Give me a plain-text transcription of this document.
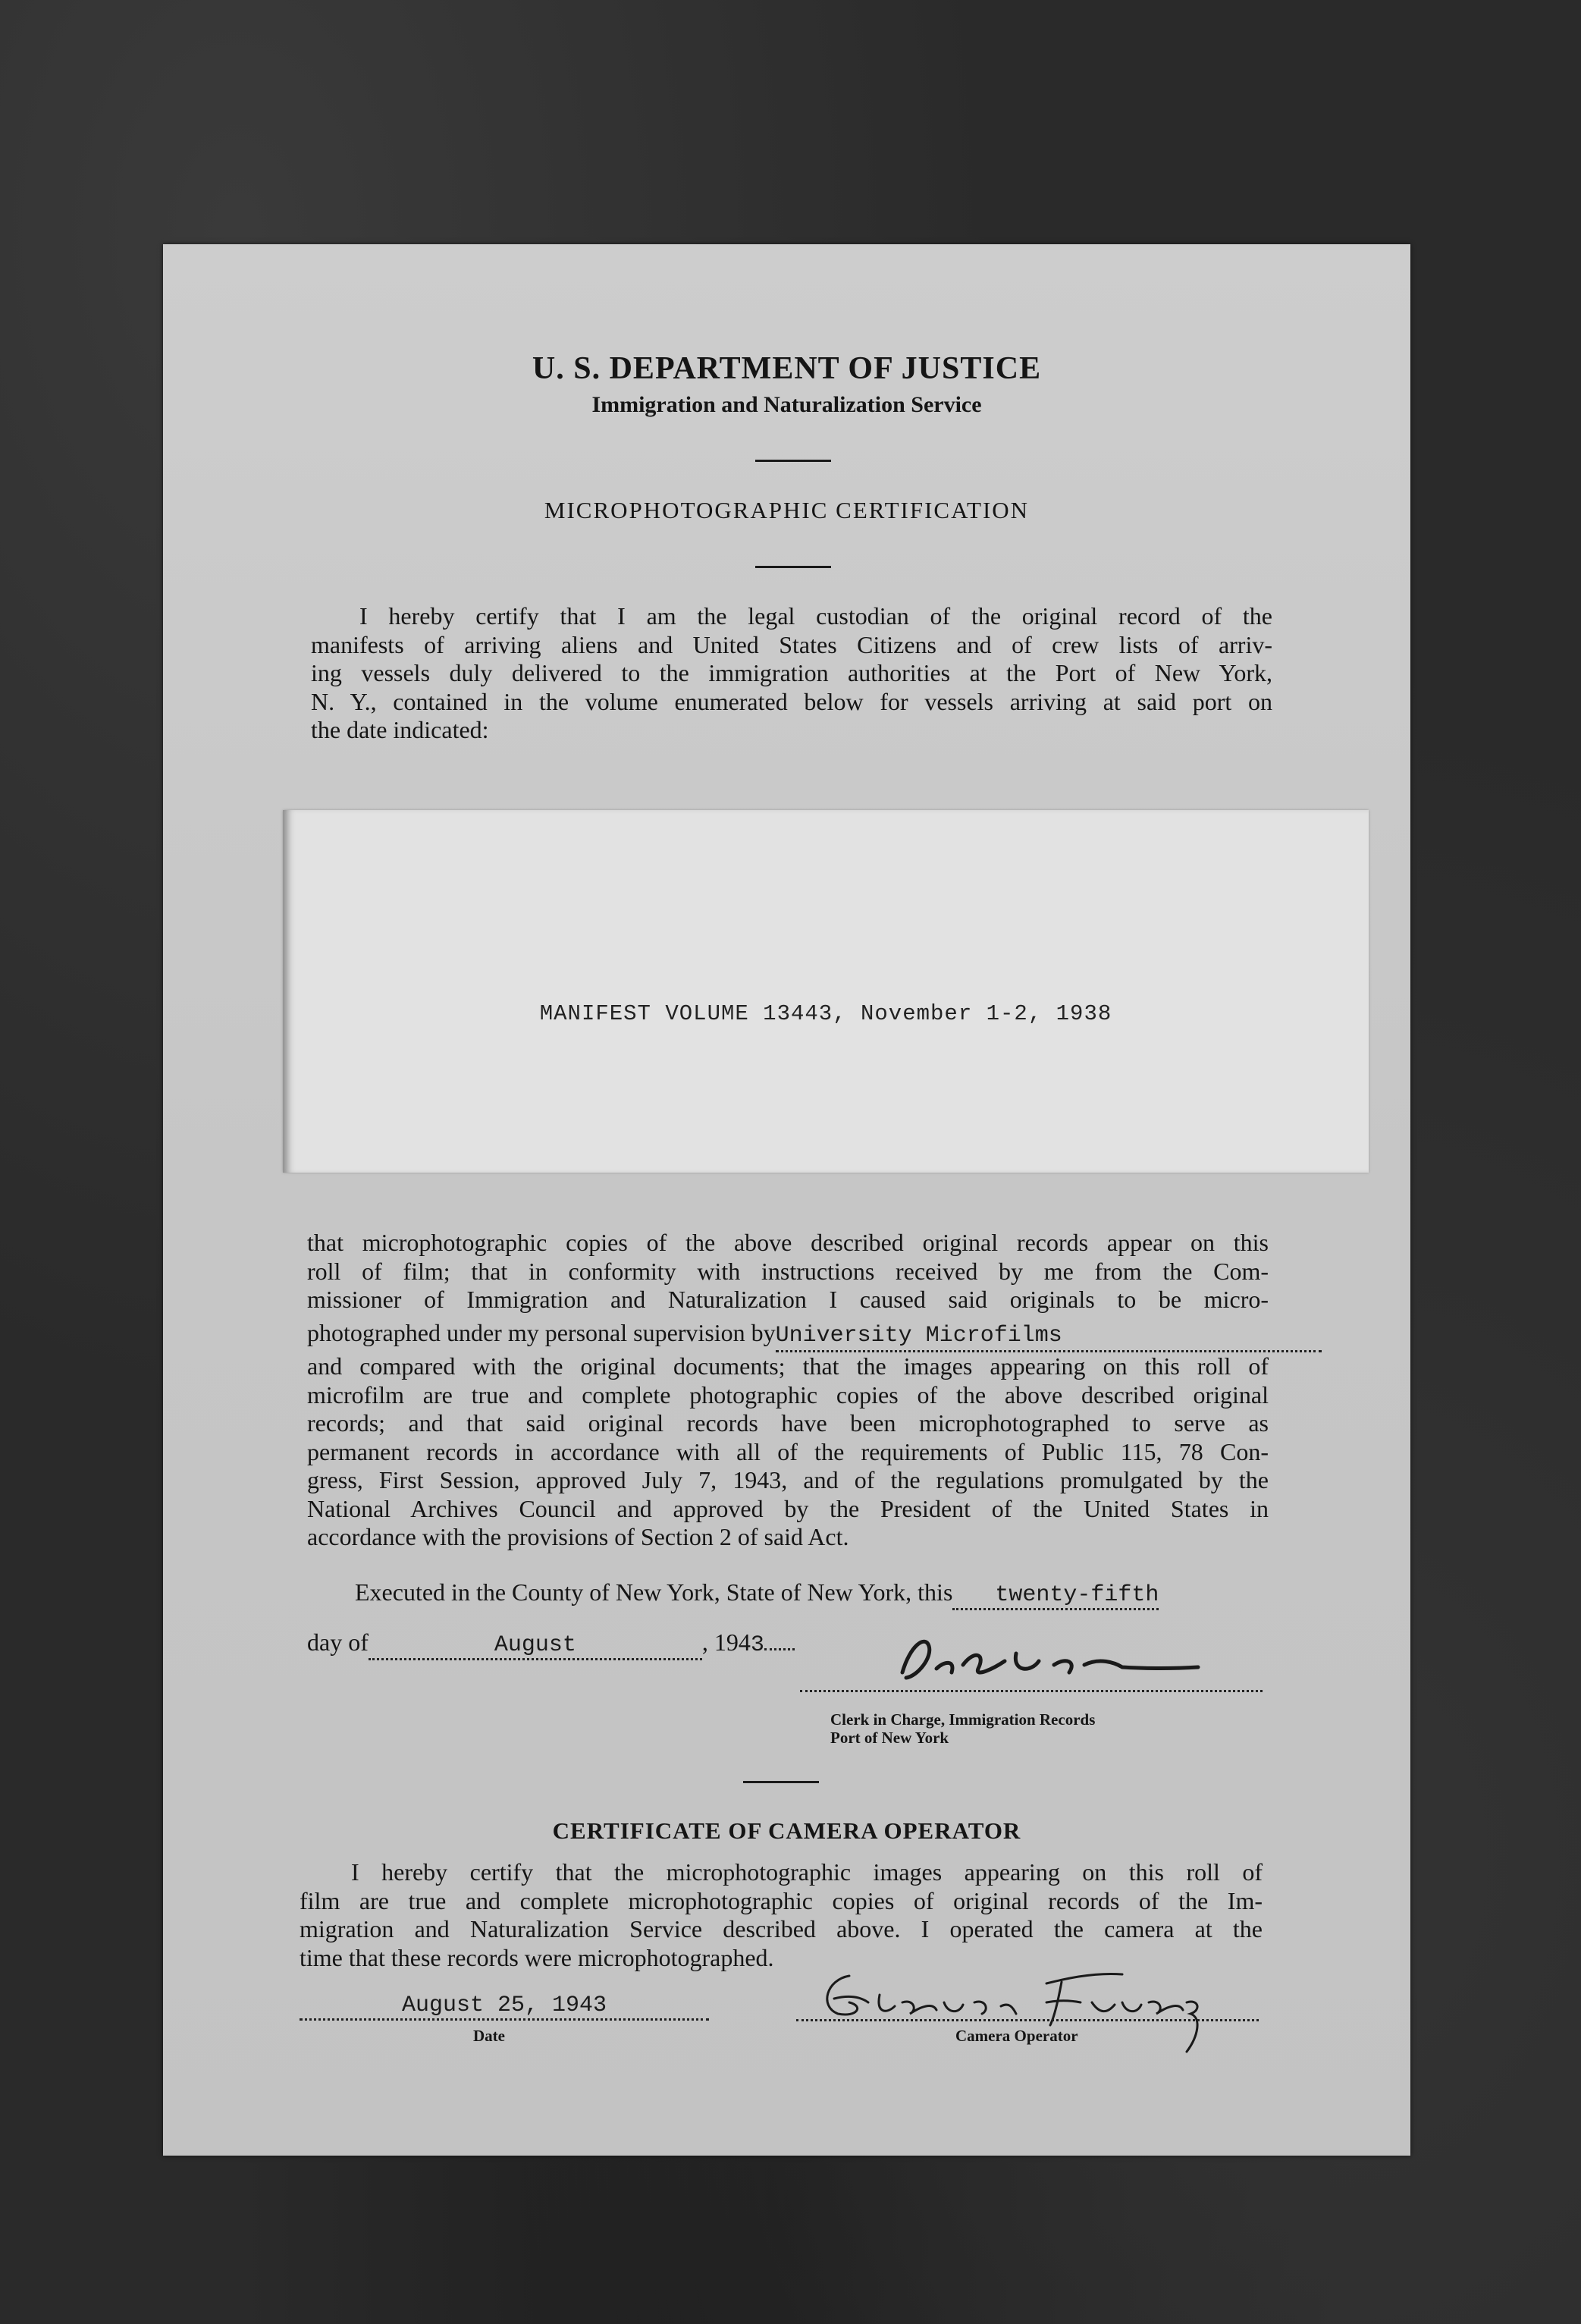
U. S. DEPARTMENT OF JUSTICE
Immigration and Naturalization Service
MICROPHOTOGRAPHIC CERTIFICATION
I hereby certify that I am the legal custodian of the original record of the
manifests of arriving aliens and United States Citizens and of crew lists of arriv-
ing vessels duly delivered to the immigration authorities at the Port of New York,
N. Y., contained in the volume enumerated below for vessels arriving at said port on
the date indicated:
MANIFEST VOLUME 13443, November 1-2, 1938
that microphotographic copies of the above described original records appear on this
roll of film; that in conformity with instructions received by me from the Com-
missioner of Immigration and Naturalization I caused said originals to be micro-
photographed under my personal supervision byUniversity Microfilms
and compared with the original documents; that the images appearing on this roll of
microfilm are true and complete photographic copies of the above described original
records; and that said original records have been microphotographed to serve as
permanent records in accordance with all of the requirements of Public 115, 78 Con-
gress, First Session, approved July 7, 1943, and of the regulations promulgated by the
National Archives Council and approved by the President of the United States in
accordance with the provisions of Section 2 of said Act.
Executed in the County of New York, State of New York, this twenty-fifth
day of	August	, 1943
Clerk in Charge, Immigration Records
Port of New York
CERTIFICATE OF CAMERA OPERATOR
I hereby certify that the microphotographic images appearing on this roll of
film are true and complete microphotographic copies of original records of the Im-
migration and Naturalization Service described above. I operated the camera at the
time that these records were microphotographed.
August 25, 1943
Date	Camera Operator
